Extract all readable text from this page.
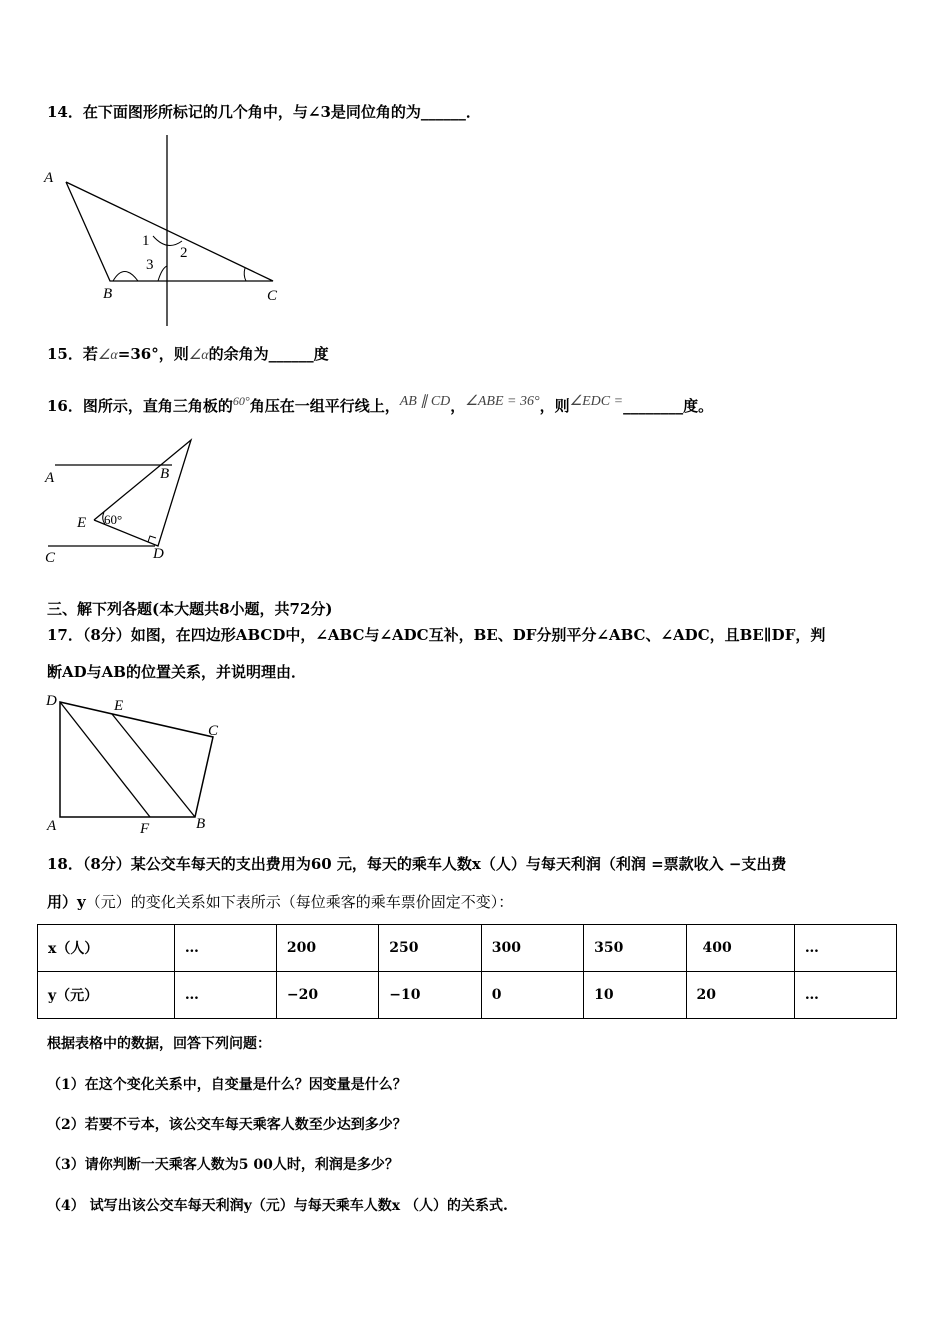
14．在下面图形所标记的几个角中，与∠3是同位角的为______．
A
B	C
1
2
3
A	B
C	D
E 60°
D	E
C
A	F	B
15．若∠α=36°，则∠α的余角为______度
16．图所示，直角三角板的$^{60^\circ}$角压在一组平行线上，$^{AB \parallel CD}$，$^{\angle ABE = 36^\circ}$，则$^{\angle EDC =}$________度。
三、解下列各题(本大题共8小题，共72分)
17．（8分）如图，在四边形ABCD中，∠ABC与∠ADC互补，BE、DF分别平分∠ABC、∠ADC，且BE∥DF，判
断AD与AB的位置关系，并说明理由．
18．（8分）某公交车每天的支出费用为60 元，每天的乘车人数x（人）与每天利润（利润 =票款收入 −支出费
用）y（元）的变化关系如下表所示（每位乘客的乘车票价固定不变）：
x（人）	…	200	250	300	350	400	…
y（元）	…	−20	−10	0	10	20	…
根据表格中的数据，回答下列问题：
（1）在这个变化关系中，自变量是什么？因变量是什么？
（2）若要不亏本，该公交车每天乘客人数至少达到多少？
（3）请你判断一天乘客人数为5 00人时，利润是多少？
（4） 试写出该公交车每天利润y（元）与每天乘车人数x （人）的关系式.
